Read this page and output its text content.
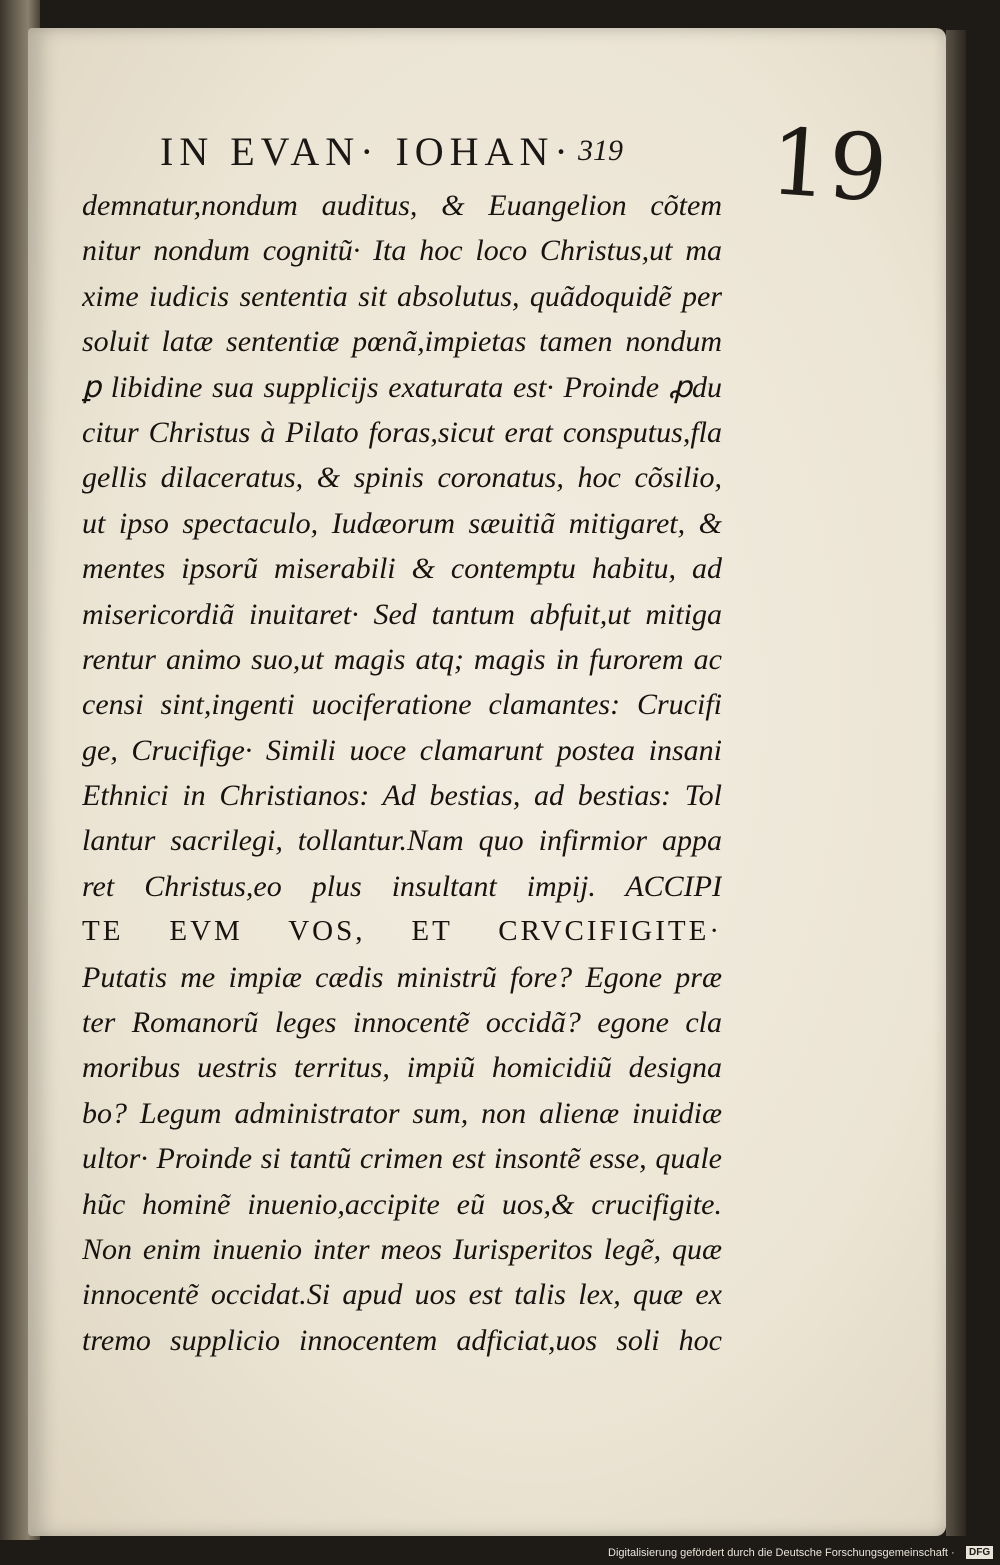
IN EVAN· IOHAN· 319 19
demnatur,nondum auditus, & Euangelion cõtem
nitur nondum cognitũ· Ita hoc loco Christus,ut ma
xime iudicis sententia sit absolutus, quãdoquidẽ per
soluit latæ sententiæ pœnã,impietas tamen nondum
ꝑ libidine sua supplicijs exaturata est· Proinde ꝓdu
citur Christus à Pilato foras,sicut erat consputus,fla
gellis dilaceratus, & spinis coronatus, hoc cõsilio,
ut ipso spectaculo, Iudæorum sæuitiã mitigaret, &
mentes ipsorũ miserabili & contemptu habitu, ad
misericordiã inuitaret· Sed tantum abfuit,ut mitiga
rentur animo suo,ut magis atq; magis in furorem ac
censi sint,ingenti uociferatione clamantes: Crucifi
ge, Crucifige· Simili uoce clamarunt postea insani
Ethnici in Christianos: Ad bestias, ad bestias: Tol
lantur sacrilegi, tollantur.Nam quo infirmior appa
ret Christus,eo plus insultant impij. ACCIPI
TE EVM VOS, ET CRVCIFIGITE·
Putatis me impiæ cædis ministrũ fore? Egone præ
ter Romanorũ leges innocentẽ occidã? egone cla
moribus uestris territus, impiũ homicidiũ designa
bo? Legum administrator sum, non alienæ inuidiæ
ultor· Proinde si tantũ crimen est insontẽ esse, quale
hũc hominẽ inuenio,accipite eũ uos,& crucifigite.
Non enim inuenio inter meos Iurisperitos legẽ, quæ
innocentẽ occidat.Si apud uos est talis lex, quæ ex
tremo supplicio innocentem adficiat,uos soli hoc
Digitalisierung gefördert durch die Deutsche Forschungsgemeinschaft ·	DFG
